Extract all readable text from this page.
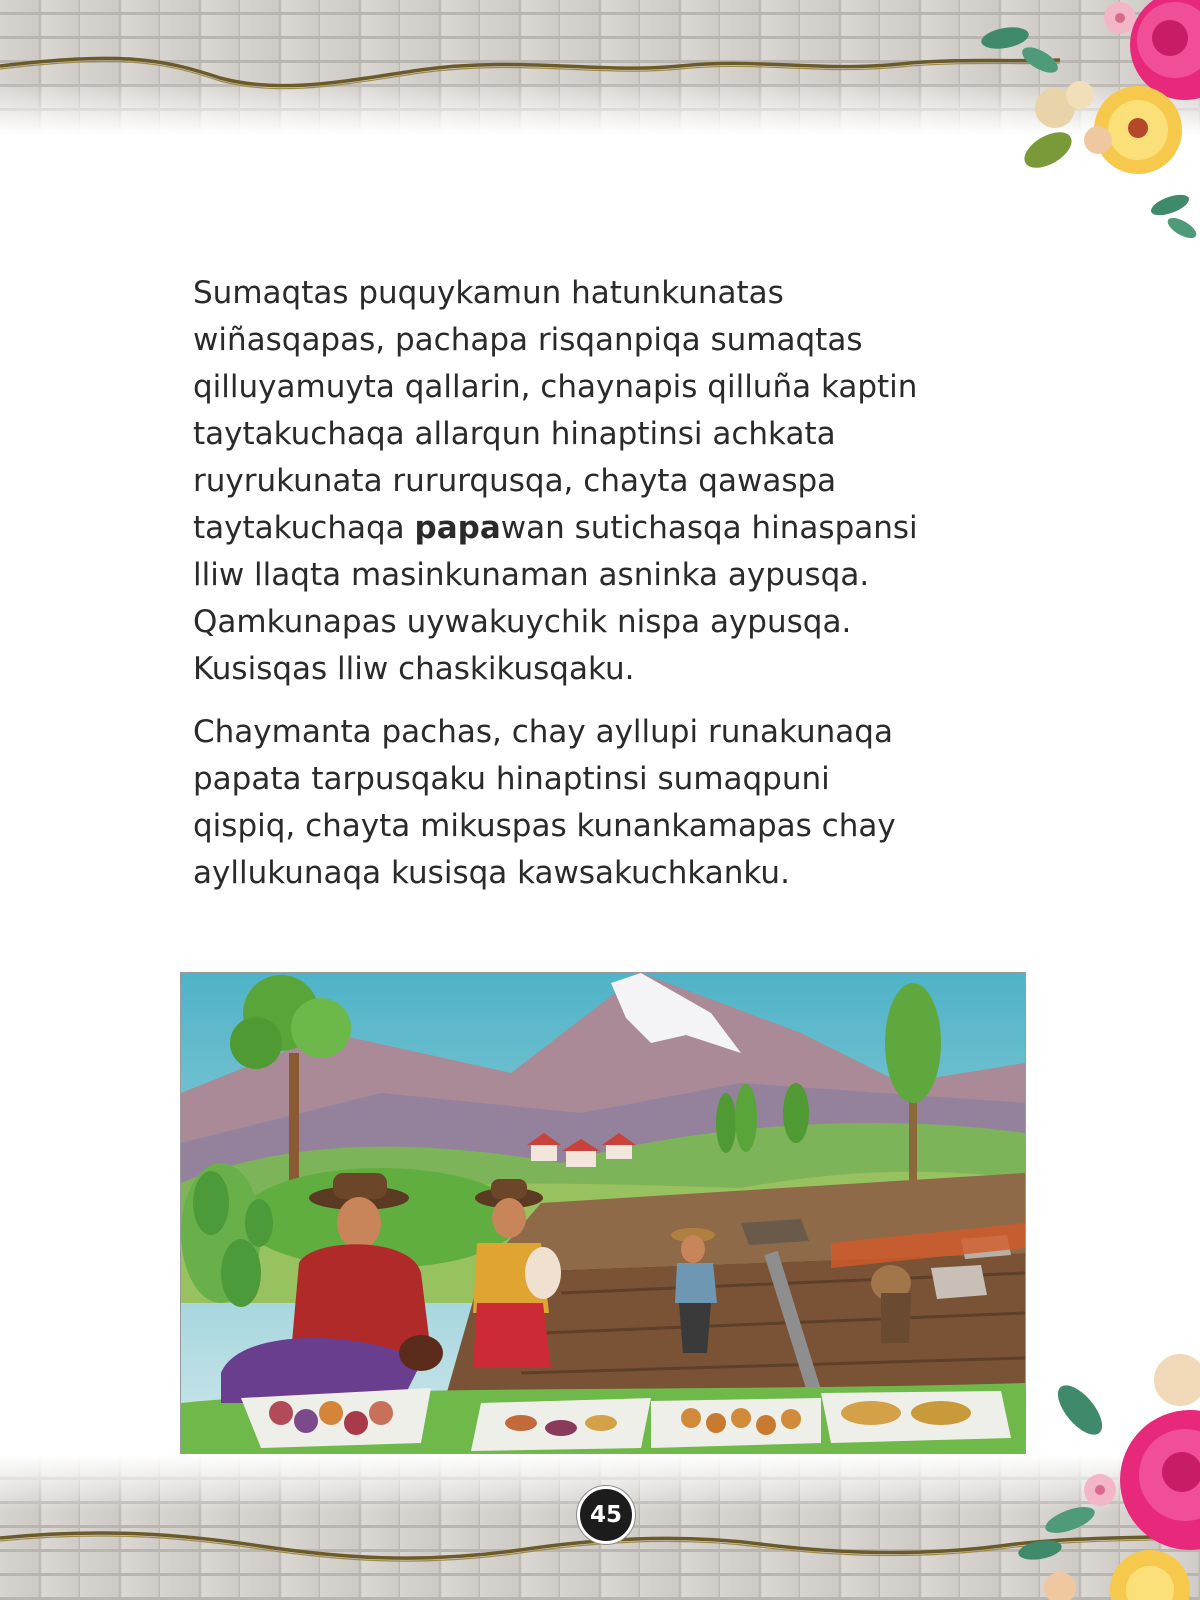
Sumaqtas puquykamun hatunkunatas
wiñasqapas, pachapa risqanpiqa sumaqtas
qilluyamuyta qallarin, chaynapis qilluña kaptin
taytakuchaqa allarqun hinaptinsi achkata
ruyrukunata rururqusqa, chayta qawaspa
taytakuchaqa papawan sutichasqa hinaspansi
lliw llaqta masinkunaman asninka aypusqa.
Qamkunapas uywakuychik nispa aypusqa.
Kusisqas lliw chaskikusqaku.
Chaymanta pachas, chay ayllupi runakunaqa
papata tarpusqaku hinaptinsi sumaqpuni
qispiq, chayta mikuspas kunankamapas chay
ayllukunaqa kusisqa kawsakuchkanku.
45
